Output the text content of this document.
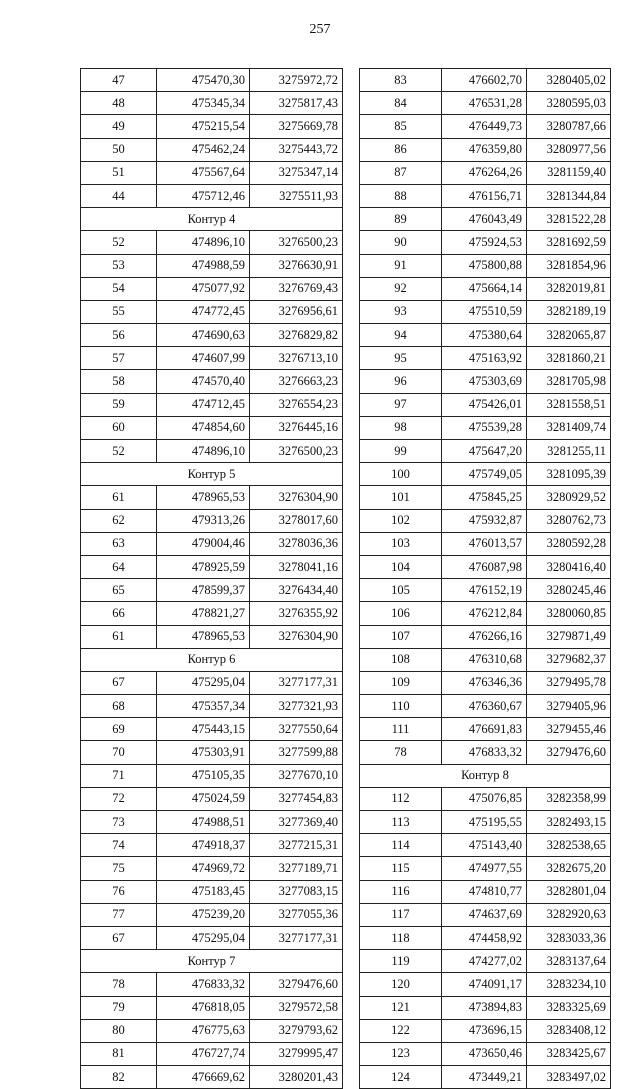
257
47	475470,30	3275972,72
48	475345,34	3275817,43
49	475215,54	3275669,78
50	475462,24	3275443,72
51	475567,64	3275347,14
44	475712,46	3275511,93
Контур 4		
52	474896,10	3276500,23
53	474988,59	3276630,91
54	475077,92	3276769,43
55	474772,45	3276956,61
56	474690,63	3276829,82
57	474607,99	3276713,10
58	474570,40	3276663,23
59	474712,45	3276554,23
60	474854,60	3276445,16
52	474896,10	3276500,23
Контур 5		
61	478965,53	3276304,90
62	479313,26	3278017,60
63	479004,46	3278036,36
64	478925,59	3278041,16
65	478599,37	3276434,40
66	478821,27	3276355,92
61	478965,53	3276304,90
Контур 6		
67	475295,04	3277177,31
68	475357,34	3277321,93
69	475443,15	3277550,64
70	475303,91	3277599,88
71	475105,35	3277670,10
72	475024,59	3277454,83
73	474988,51	3277369,40
74	474918,37	3277215,31
75	474969,72	3277189,71
76	475183,45	3277083,15
77	475239,20	3277055,36
67	475295,04	3277177,31
Контур 7		
78	476833,32	3279476,60
79	476818,05	3279572,58
80	476775,63	3279793,62
81	476727,74	3279995,47
82	476669,62	3280201,43
83	476602,70	3280405,02
84	476531,28	3280595,03
85	476449,73	3280787,66
86	476359,80	3280977,56
87	476264,26	3281159,40
88	476156,71	3281344,84
89	476043,49	3281522,28
90	475924,53	3281692,59
91	475800,88	3281854,96
92	475664,14	3282019,81
93	475510,59	3282189,19
94	475380,64	3282065,87
95	475163,92	3281860,21
96	475303,69	3281705,98
97	475426,01	3281558,51
98	475539,28	3281409,74
99	475647,20	3281255,11
100	475749,05	3281095,39
101	475845,25	3280929,52
102	475932,87	3280762,73
103	476013,57	3280592,28
104	476087,98	3280416,40
105	476152,19	3280245,46
106	476212,84	3280060,85
107	476266,16	3279871,49
108	476310,68	3279682,37
109	476346,36	3279495,78
110	476360,67	3279405,96
111	476691,83	3279455,46
78	476833,32	3279476,60
Контур 8		
112	475076,85	3282358,99
113	475195,55	3282493,15
114	475143,40	3282538,65
115	474977,55	3282675,20
116	474810,77	3282801,04
117	474637,69	3282920,63
118	474458,92	3283033,36
119	474277,02	3283137,64
120	474091,17	3283234,10
121	473894,83	3283325,69
122	473696,15	3283408,12
123	473650,46	3283425,67
124	473449,21	3283497,02
